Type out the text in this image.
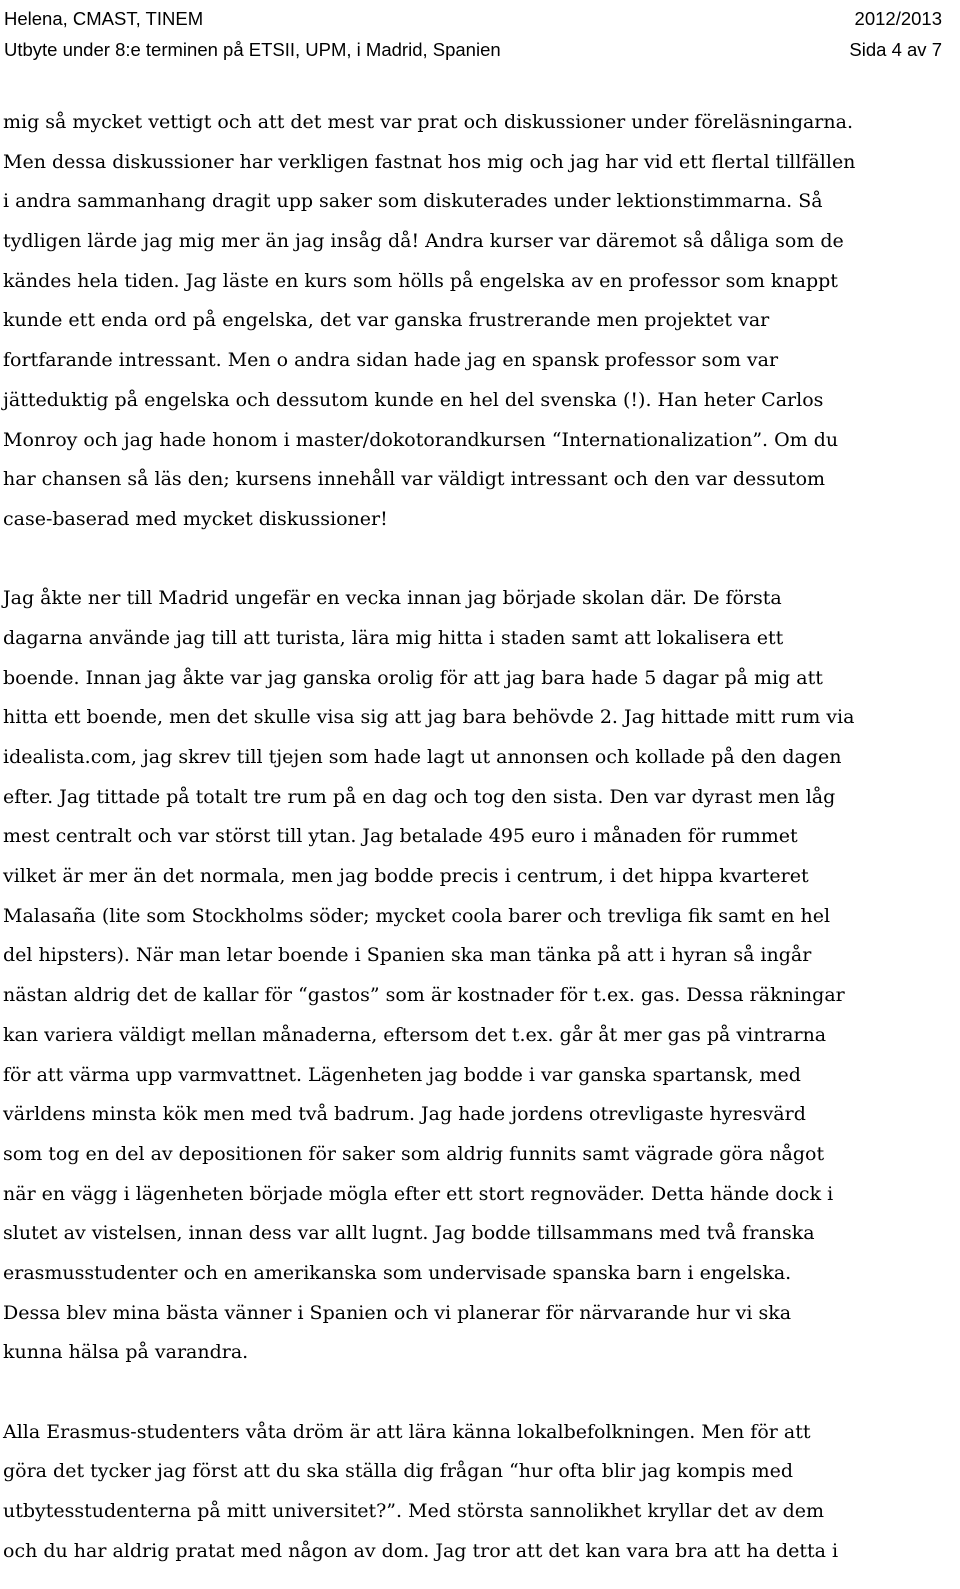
Helena, CMAST, TINEM	2012/2013
Utbyte under 8:e terminen på ETSII, UPM, i Madrid, Spanien	Sida 4 av 7
mig så mycket vettigt och att det mest var prat och diskussioner under föreläsningarna.
Men dessa diskussioner har verkligen fastnat hos mig och jag har vid ett flertal tillfällen
i andra sammanhang dragit upp saker som diskuterades under lektionstimmarna. Så
tydligen lärde jag mig mer än jag insåg då! Andra kurser var däremot så dåliga som de
kändes hela tiden. Jag läste en kurs som hölls på engelska av en professor som knappt
kunde ett enda ord på engelska, det var ganska frustrerande men projektet var
fortfarande intressant. Men o andra sidan hade jag en spansk professor som var
jätteduktig på engelska och dessutom kunde en hel del svenska (!). Han heter Carlos
Monroy och jag hade honom i master/dokotorandkursen “Internationalization”. Om du
har chansen så läs den; kursens innehåll var väldigt intressant och den var dessutom
case-baserad med mycket diskussioner!
Jag åkte ner till Madrid ungefär en vecka innan jag började skolan där. De första
dagarna använde jag till att turista, lära mig hitta i staden samt att lokalisera ett
boende. Innan jag åkte var jag ganska orolig för att jag bara hade 5 dagar på mig att
hitta ett boende, men det skulle visa sig att jag bara behövde 2. Jag hittade mitt rum via
idealista.com, jag skrev till tjejen som hade lagt ut annonsen och kollade på den dagen
efter. Jag tittade på totalt tre rum på en dag och tog den sista. Den var dyrast men låg
mest centralt och var störst till ytan. Jag betalade 495 euro i månaden för rummet
vilket är mer än det normala, men jag bodde precis i centrum, i det hippa kvarteret
Malasaña (lite som Stockholms söder; mycket coola barer och trevliga fik samt en hel
del hipsters). När man letar boende i Spanien ska man tänka på att i hyran så ingår
nästan aldrig det de kallar för “gastos” som är kostnader för t.ex. gas. Dessa räkningar
kan variera väldigt mellan månaderna, eftersom det t.ex. går åt mer gas på vintrarna
för att värma upp varmvattnet. Lägenheten jag bodde i var ganska spartansk, med
världens minsta kök men med två badrum. Jag hade jordens otrevligaste hyresvärd
som tog en del av depositionen för saker som aldrig funnits samt vägrade göra något
när en vägg i lägenheten började mögla efter ett stort regnoväder. Detta hände dock i
slutet av vistelsen, innan dess var allt lugnt. Jag bodde tillsammans med två franska
erasmusstudenter och en amerikanska som undervisade spanska barn i engelska.
Dessa blev mina bästa vänner i Spanien och vi planerar för närvarande hur vi ska
kunna hälsa på varandra.
Alla Erasmus-studenters våta dröm är att lära känna lokalbefolkningen. Men för att
göra det tycker jag först att du ska ställa dig frågan “hur ofta blir jag kompis med
utbytesstudenterna på mitt universitet?”. Med största sannolikhet kryllar det av dem
och du har aldrig pratat med någon av dom. Jag tror att det kan vara bra att ha detta i
